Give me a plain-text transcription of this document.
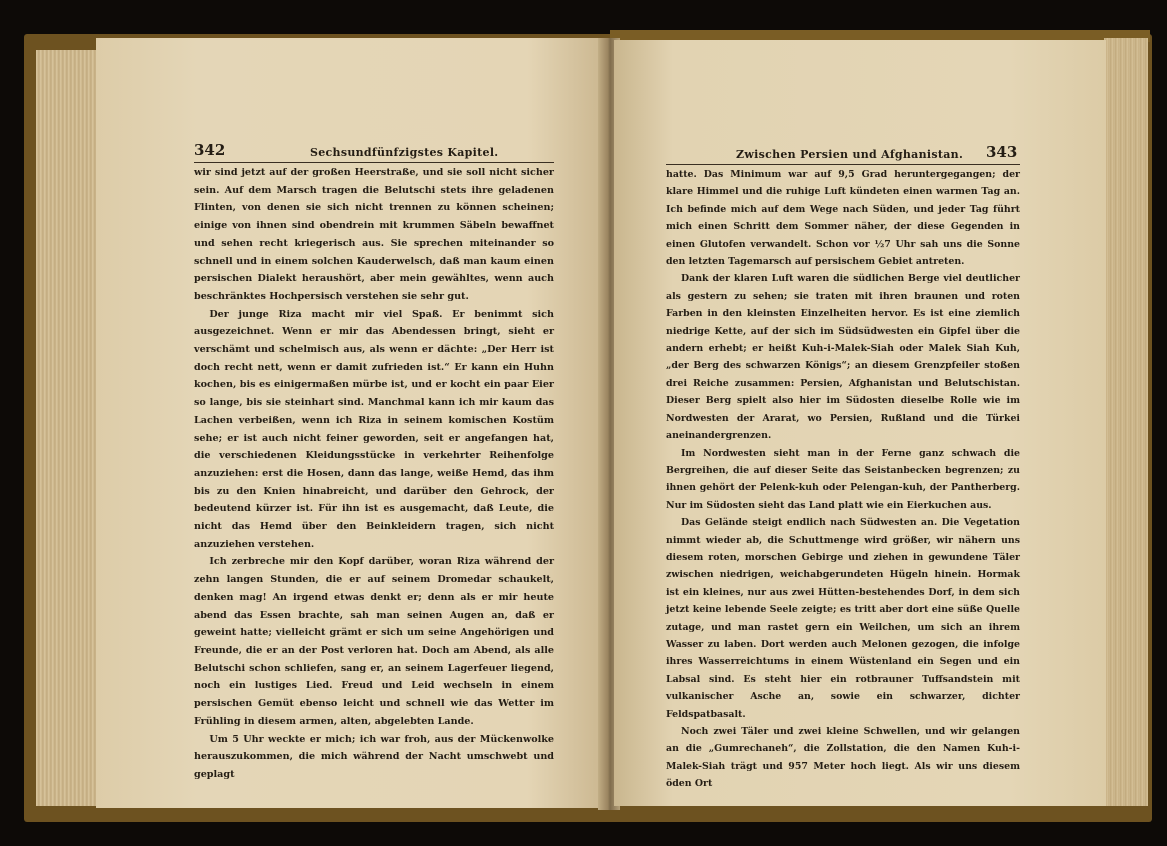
342	Sechsundfünfzigstes Kapitel.

wir sind jetzt auf der großen Heerstraße, und sie soll nicht sicher sein. Auf dem Marsch tragen die Belutschi stets ihre geladenen Flinten, von denen sie sich nicht trennen zu können scheinen; einige von ihnen sind obendrein mit krummen Säbeln bewaffnet und sehen recht kriegerisch aus. Sie sprechen miteinander so schnell und in einem solchen Kauderwelsch, daß man kaum einen persischen Dialekt heraushört, aber mein gewähltes, wenn auch beschränktes Hochpersisch verstehen sie sehr gut.

Der junge Riza macht mir viel Spaß. Er benimmt sich ausgezeichnet. Wenn er mir das Abendessen bringt, sieht er verschämt und schelmisch aus, als wenn er dächte: „Der Herr ist doch recht nett, wenn er damit zufrieden ist.“ Er kann ein Huhn kochen, bis es einigermaßen mürbe ist, und er kocht ein paar Eier so lange, bis sie steinhart sind. Manchmal kann ich mir kaum das Lachen verbeißen, wenn ich Riza in seinem komischen Kostüm sehe; er ist auch nicht feiner geworden, seit er angefangen hat, die verschiedenen Kleidungsstücke in verkehrter Reihenfolge anzuziehen: erst die Hosen, dann das lange, weiße Hemd, das ihm bis zu den Knien hinabreicht, und darüber den Gehrock, der bedeutend kürzer ist. Für ihn ist es ausgemacht, daß Leute, die nicht das Hemd über den Beinkleidern tragen, sich nicht anzuziehen verstehen.

Ich zerbreche mir den Kopf darüber, woran Riza während der zehn langen Stunden, die er auf seinem Dromedar schaukelt, denken mag! An irgend etwas denkt er; denn als er mir heute abend das Essen brachte, sah man seinen Augen an, daß er geweint hatte; vielleicht grämt er sich um seine Angehörigen und Freunde, die er an der Post verloren hat. Doch am Abend, als alle Belutschi schon schliefen, sang er, an seinem Lagerfeuer liegend, noch ein lustiges Lied. Freud und Leid wechseln in einem persischen Gemüt ebenso leicht und schnell wie das Wetter im Frühling in diesem armen, alten, abgelebten Lande.

Um 5 Uhr weckte er mich; ich war froh, aus der Mückenwolke herauszukommen, die mich während der Nacht umschwebt und geplagt

Zwischen Persien und Afghanistan. 343

hatte. Das Minimum war auf 9,5 Grad heruntergegangen; der klare Himmel und die ruhige Luft kündeten einen warmen Tag an. Ich befinde mich auf dem Wege nach Süden, und jeder Tag führt mich einen Schritt dem Sommer näher, der diese Gegenden in einen Glutofen verwandelt. Schon vor ½7 Uhr sah uns die Sonne den letzten Tagemarsch auf persischem Gebiet antreten.

Dank der klaren Luft waren die südlichen Berge viel deutlicher als gestern zu sehen; sie traten mit ihren braunen und roten Farben in den kleinsten Einzelheiten hervor. Es ist eine ziemlich niedrige Kette, auf der sich im Südsüdwesten ein Gipfel über die andern erhebt; er heißt Kuh-i-Malek-Siah oder Malek Siah Kuh, „der Berg des schwarzen Königs“; an diesem Grenzpfeiler stoßen drei Reiche zusammen: Persien, Afghanistan und Belutschistan. Dieser Berg spielt also hier im Südosten dieselbe Rolle wie im Nordwesten der Ararat, wo Persien, Rußland und die Türkei aneinandergrenzen.

Im Nordwesten sieht man in der Ferne ganz schwach die Bergreihen, die auf dieser Seite das Seistanbecken begrenzen; zu ihnen gehört der Pelenk-kuh oder Pelengan-kuh, der Pantherberg. Nur im Südosten sieht das Land platt wie ein Eierkuchen aus.

Das Gelände steigt endlich nach Südwesten an. Die Vegetation nimmt wieder ab, die Schuttmenge wird größer, wir nähern uns diesem roten, morschen Gebirge und ziehen in gewundene Täler zwischen niedrigen, weichabgerundeten Hügeln hinein. Hormak ist ein kleines, nur aus zwei Hütten-bestehendes Dorf, in dem sich jetzt keine lebende Seele zeigte; es tritt aber dort eine süße Quelle zutage, und man rastet gern ein Weilchen, um sich an ihrem Wasser zu laben. Dort werden auch Melonen gezogen, die infolge ihres Wasserreichtums in einem Wüstenland ein Segen und ein Labsal sind. Es steht hier ein rotbrauner Tuffsandstein mit vulkanischer Asche an, sowie ein schwarzer, dichter Feldspatbasalt.

Noch zwei Täler und zwei kleine Schwellen, und wir gelangen an die „Gumrechaneh“, die Zollstation, die den Namen Kuh-i-Malek-Siah trägt und 957 Meter hoch liegt. Als wir uns diesem öden Ort
